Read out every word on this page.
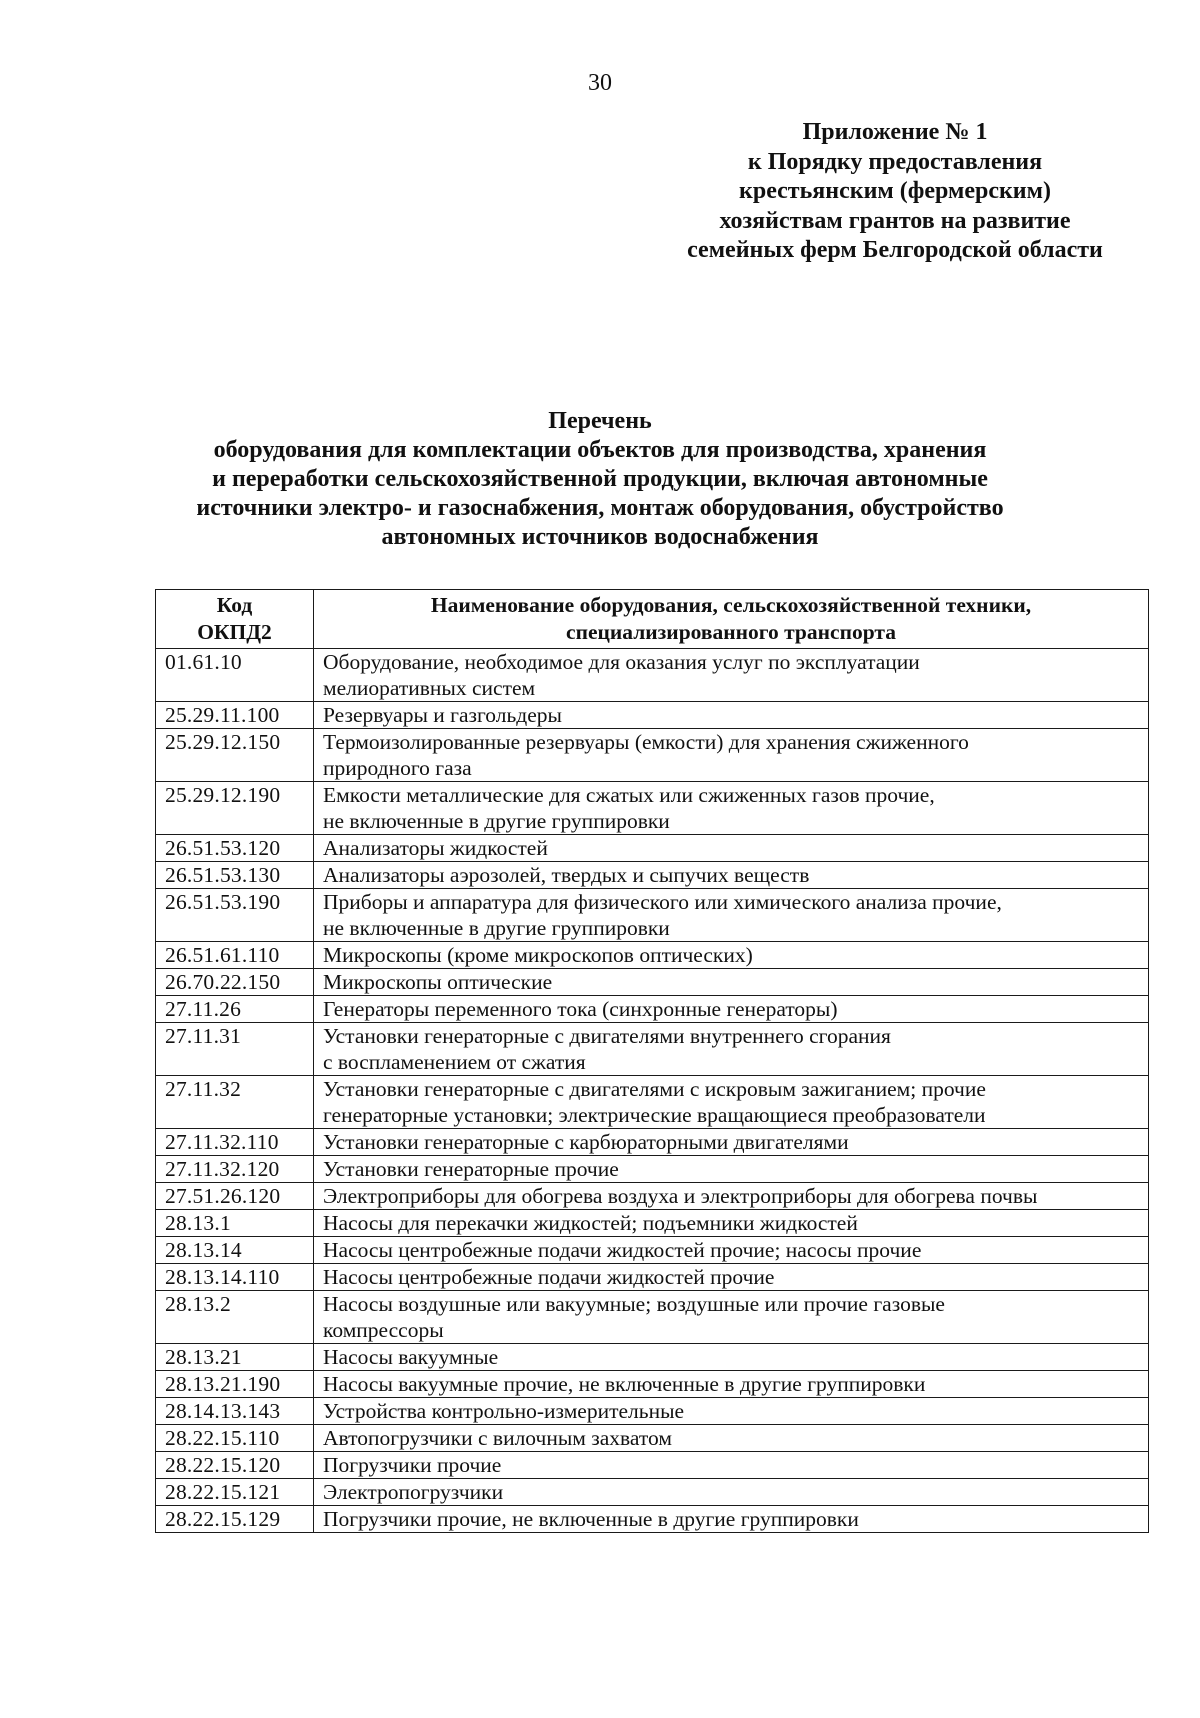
30
Приложение № 1
к Порядку предоставления
крестьянским (фермерским)
хозяйствам грантов на развитие
семейных ферм Белгородской области
Перечень
оборудования для комплектации объектов для производства, хранения
и переработки сельскохозяйственной продукции, включая автономные
источники электро- и газоснабжения, монтаж оборудования, обустройство
автономных источников водоснабжения
Код
ОКПД2	Наименование оборудования, сельскохозяйственной техники,
специализированного транспорта
01.61.10	Оборудование, необходимое для оказания услуг по эксплуатации
мелиоративных систем
25.29.11.100	Резервуары и газгольдеры
25.29.12.150	Термоизолированные резервуары (емкости) для хранения сжиженного
природного газа
25.29.12.190	Емкости металлические для сжатых или сжиженных газов прочие,
не включенные в другие группировки
26.51.53.120	Анализаторы жидкостей
26.51.53.130	Анализаторы аэрозолей, твердых и сыпучих веществ
26.51.53.190	Приборы и аппаратура для физического или химического анализа прочие,
не включенные в другие группировки
26.51.61.110	Микроскопы (кроме микроскопов оптических)
26.70.22.150	Микроскопы оптические
27.11.26	Генераторы переменного тока (синхронные генераторы)
27.11.31	Установки генераторные с двигателями внутреннего сгорания
с воспламенением от сжатия
27.11.32	Установки генераторные с двигателями с искровым зажиганием; прочие
генераторные установки; электрические вращающиеся преобразователи
27.11.32.110	Установки генераторные с карбюраторными двигателями
27.11.32.120	Установки генераторные прочие
27.51.26.120	Электроприборы для обогрева воздуха и электроприборы для обогрева почвы
28.13.1	Насосы для перекачки жидкостей; подъемники жидкостей
28.13.14	Насосы центробежные подачи жидкостей прочие; насосы прочие
28.13.14.110	Насосы центробежные подачи жидкостей прочие
28.13.2	Насосы воздушные или вакуумные; воздушные или прочие газовые
компрессоры
28.13.21	Насосы вакуумные
28.13.21.190	Насосы вакуумные прочие, не включенные в другие группировки
28.14.13.143	Устройства контрольно-измерительные
28.22.15.110	Автопогрузчики с вилочным захватом
28.22.15.120	Погрузчики прочие
28.22.15.121	Электропогрузчики
28.22.15.129	Погрузчики прочие, не включенные в другие группировки
